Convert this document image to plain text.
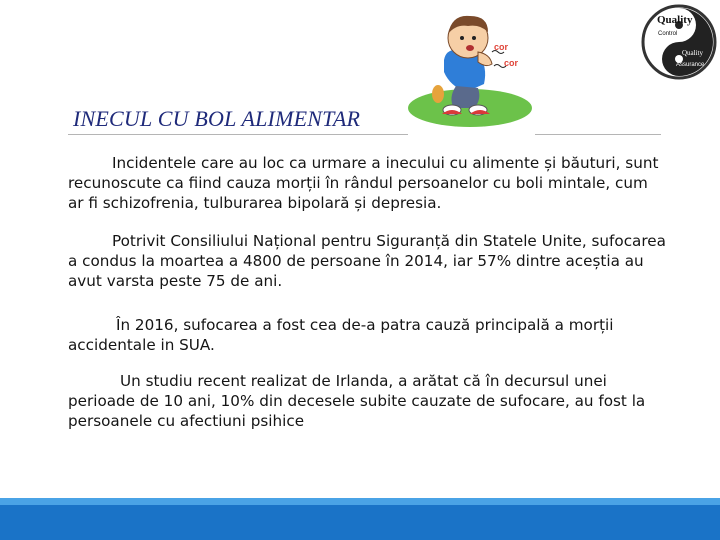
INECUL CU BOL ALIMENTAR
cor
cor
Quality
Control
Quality
Assurance

Incidentele care au loc ca urmare a inecului cu alimente și băuturi, sunt recunoscute ca fiind cauza morții în rândul persoanelor cu boli mintale, cum ar fi schizofrenia, tulburarea bipolară și depresia.

Potrivit Consiliului Național pentru Siguranță din Statele Unite, sufocarea a condus la moartea a 4800 de persoane în 2014, iar 57% dintre aceștia au avut varsta peste 75 de ani.

În 2016, sufocarea a fost cea de-a patra cauză principală a morții accidentale in SUA.

Un studiu recent realizat de Irlanda, a arătat că în decursul unei perioade de 10 ani, 10% din decesele subite cauzate de sufocare, au fost la persoanele cu afectiuni psihice
